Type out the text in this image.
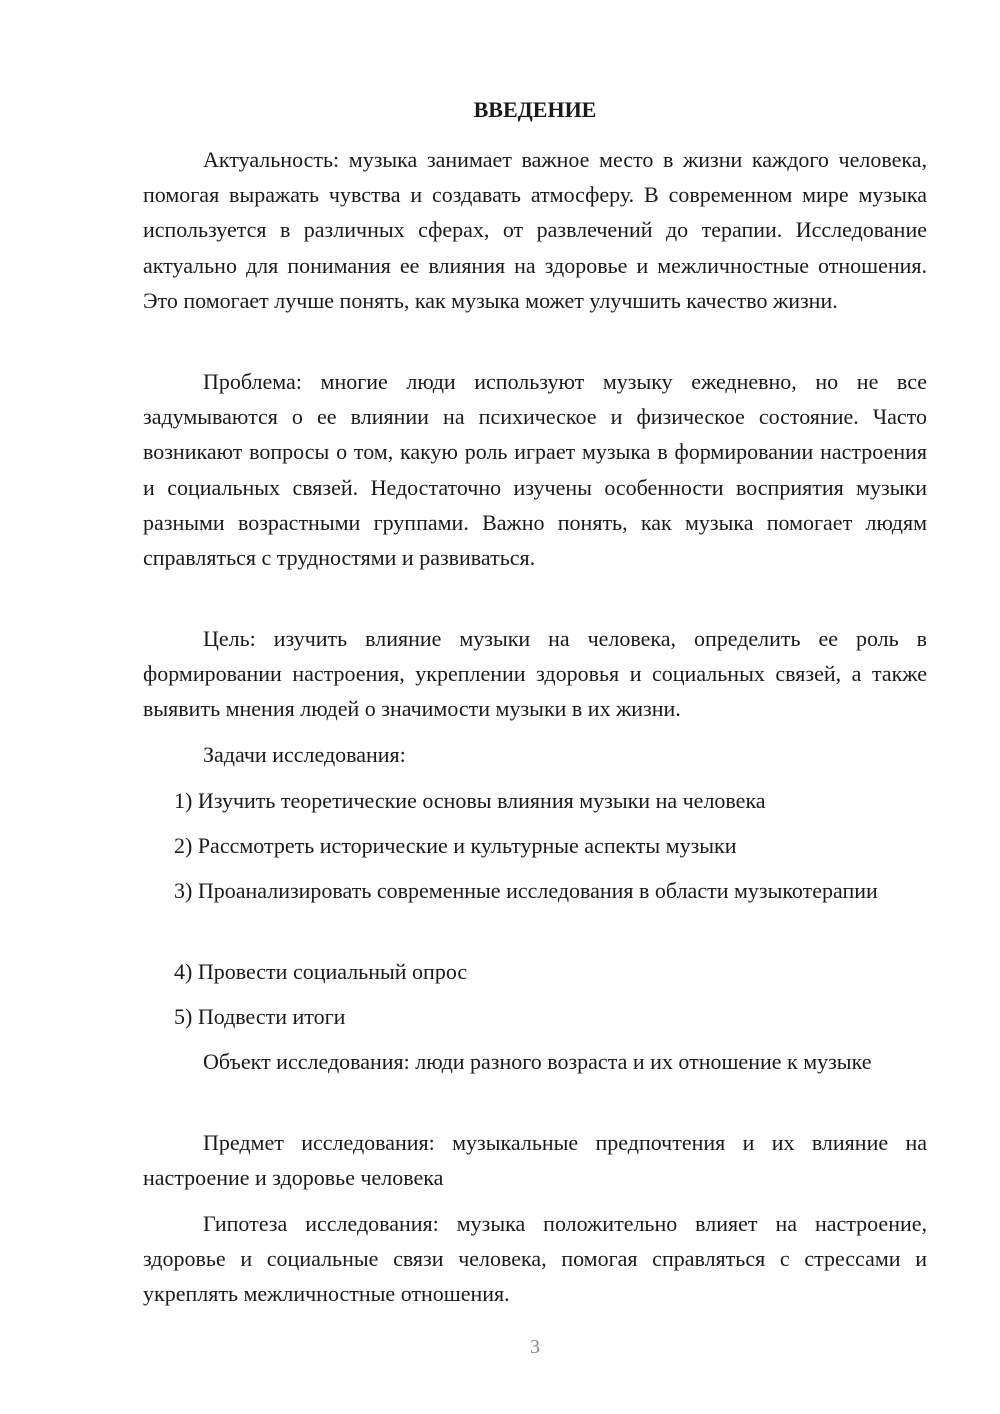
ВВЕДЕНИЕ

Актуальность: музыка занимает важное место в жизни каждого человека, помогая выражать чувства и создавать атмосферу. В современном мире музыка используется в различных сферах, от развлечений до терапии. Исследование актуально для понимания ее влияния на здоровье и межличностные отношения. Это помогает лучше понять, как музыка может улучшить качество жизни.

Проблема: многие люди используют музыку ежедневно, но не все задумываются о ее влиянии на психическое и физическое состояние. Часто возникают вопросы о том, какую роль играет музыка в формировании настроения и социальных связей. Недостаточно изучены особенности восприятия музыки разными возрастными группами. Важно понять, как музыка помогает людям справляться с трудностями и развиваться.

Цель: изучить влияние музыки на человека, определить ее роль в формировании настроения, укреплении здоровья и социальных связей, а также выявить мнения людей о значимости музыки в их жизни.

Задачи исследования:

1) Изучить теоретические основы влияния музыки на человека

2) Рассмотреть исторические и культурные аспекты музыки

3) Проанализировать современные исследования в области музыкотерапии

4) Провести социальный опрос

5) Подвести итоги

Объект исследования: люди разного возраста и их отношение к музыке

Предмет исследования: музыкальные предпочтения и их влияние на настроение и здоровье человека

Гипотеза исследования: музыка положительно влияет на настроение, здоровье и социальные связи человека, помогая справляться с стрессами и укреплять межличностные отношения.

3
